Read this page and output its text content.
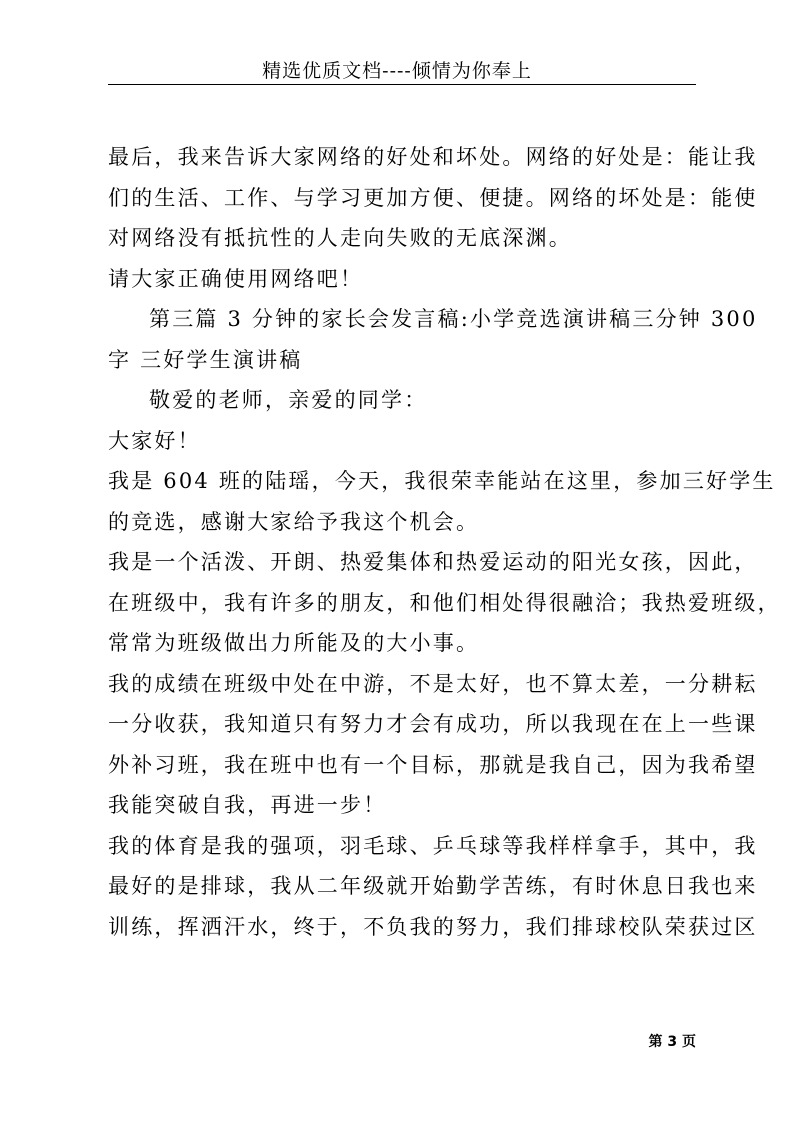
精选优质文档----倾情为你奉上
最后，我来告诉大家网络的好处和坏处。网络的好处是：能让我
们的生活、工作、与学习更加方便、便捷。网络的坏处是：能使
对网络没有抵抗性的人走向失败的无底深渊。
请大家正确使用网络吧！
第三篇 3 分钟的家长会发言稿:小学竞选演讲稿三分钟 300
字 三好学生演讲稿
敬爱的老师，亲爱的同学：
大家好！
我是 604 班的陆瑶，今天，我很荣幸能站在这里，参加三好学生
的竞选，感谢大家给予我这个机会。
我是一个活泼、开朗、热爱集体和热爱运动的阳光女孩，因此，
在班级中，我有许多的朋友，和他们相处得很融洽；我热爱班级，
常常为班级做出力所能及的大小事。
我的成绩在班级中处在中游，不是太好，也不算太差，一分耕耘
一分收获，我知道只有努力才会有成功，所以我现在在上一些课
外补习班，我在班中也有一个目标，那就是我自己，因为我希望
我能突破自我，再进一步！
我的体育是我的强项，羽毛球、乒乓球等我样样拿手，其中，我
最好的是排球，我从二年级就开始勤学苦练，有时休息日我也来
训练，挥洒汗水，终于，不负我的努力，我们排球校队荣获过区
第 3 页
